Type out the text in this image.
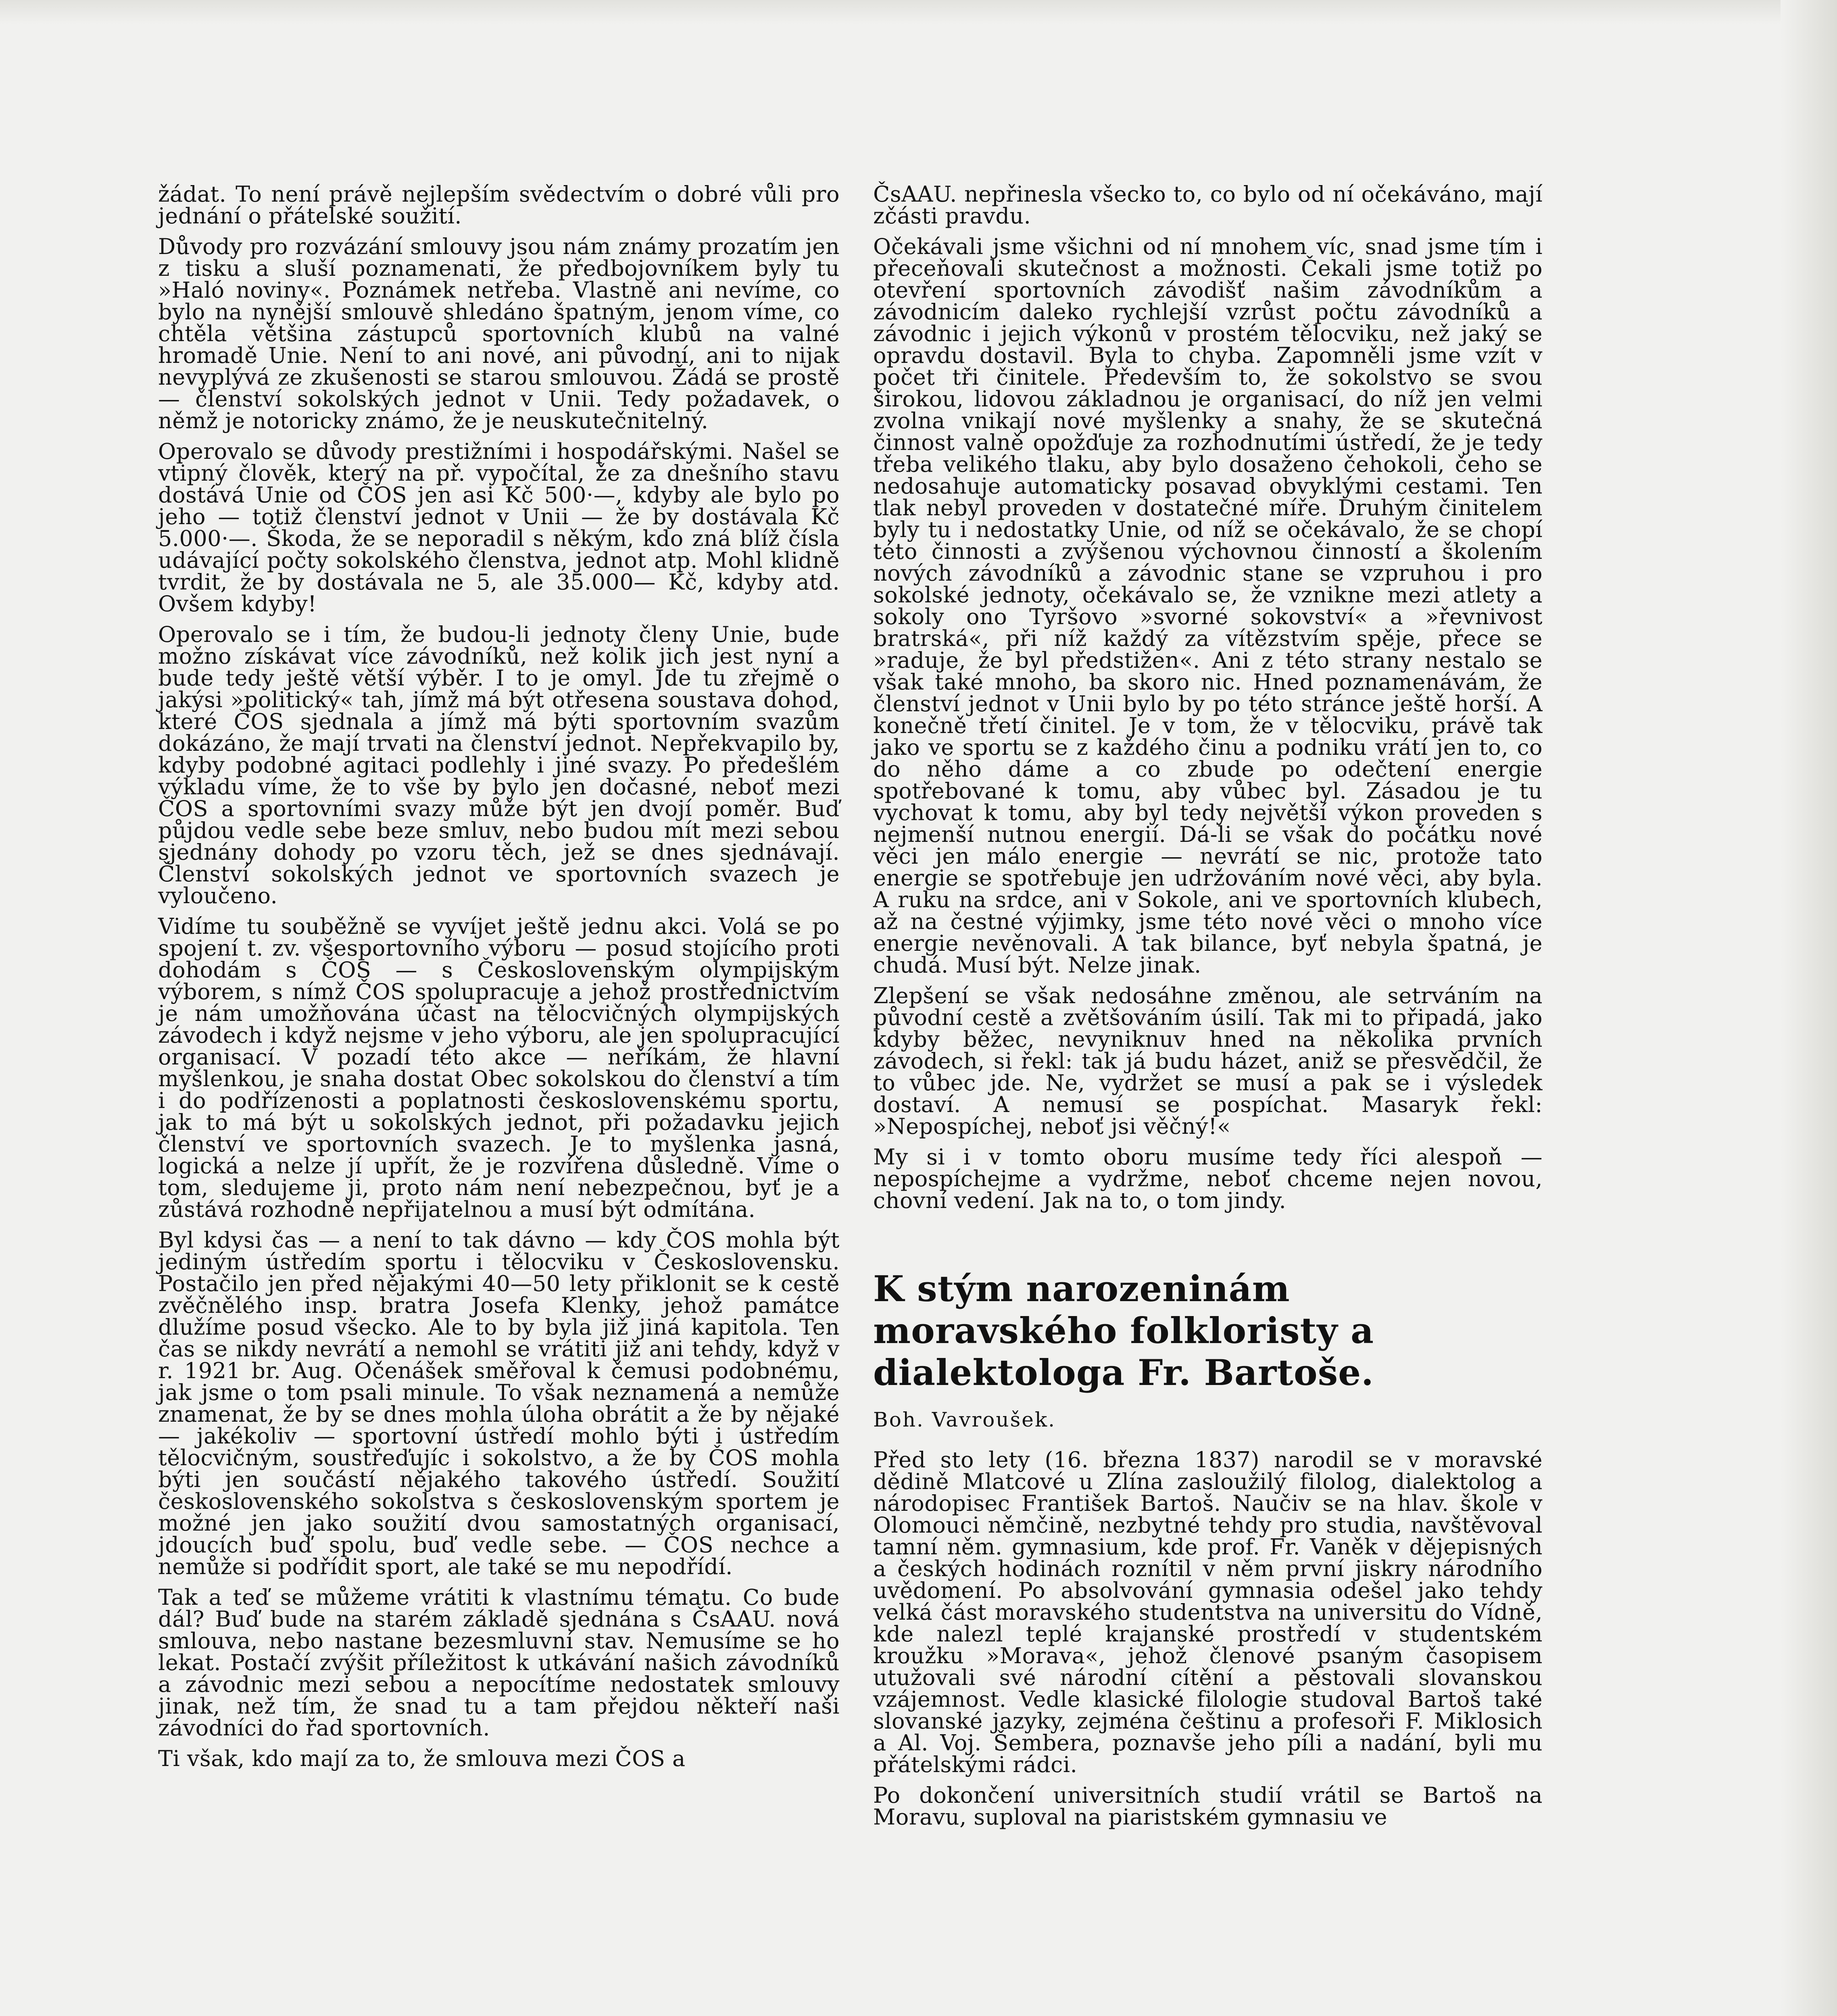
žádat. To není právě nejlepším svědectvím o dobré vůli pro jednání o přátelské soužití.

Důvody pro rozvázání smlouvy jsou nám známy prozatím jen z tisku a sluší poznamenati, že předbojovníkem byly tu »Haló noviny«. Poznámek netřeba. Vlastně ani nevíme, co bylo na nynější smlouvě shledáno špatným, jenom víme, co chtěla většina zástupců sportovních klubů na valné hromadě Unie. Není to ani nové, ani původní, ani to nijak nevyplývá ze zkušenosti se starou smlouvou. Žádá se prostě — členství sokolských jednot v Unii. Tedy požadavek, o němž je notoricky známo, že je neuskutečnitelný.

Operovalo se důvody prestižními i hospodářskými. Našel se vtipný člověk, který na př. vypočítal, že za dnešního stavu dostává Unie od ČOS jen asi Kč 500·—, kdyby ale bylo po jeho — totiž členství jednot v Unii — že by dostávala Kč 5.000·—. Škoda, že se neporadil s někým, kdo zná blíž čísla udávající počty sokolského členstva, jednot atp. Mohl klidně tvrdit, že by dostávala ne 5, ale 35.000— Kč, kdyby atd. Ovšem kdyby!

Operovalo se i tím, že budou-li jednoty členy Unie, bude možno získávat více závodníků, než kolik jich jest nyní a bude tedy ještě větší výběr. I to je omyl. Jde tu zřejmě o jakýsi »politický« tah, jímž má být otřesena soustava dohod, které ČOS sjednala a jímž má býti sportovním svazům dokázáno, že mají trvati na členství jednot. Nepřekvapilo by, kdyby podobné agitaci podlehly i jiné svazy. Po předešlém výkladu víme, že to vše by bylo jen dočasné, neboť mezi ČOS a sportovními svazy může být jen dvojí poměr. Buď půjdou vedle sebe beze smluv, nebo budou mít mezi sebou sjednány dohody po vzoru těch, jež se dnes sjednávají. Členství sokolských jednot ve sportovních svazech je vyloučeno.

Vidíme tu souběžně se vyvíjet ještě jednu akci. Volá se po spojení t. zv. všesportovního výboru — posud stojícího proti dohodám s ČOS — s Československým olympijským výborem, s nímž ČOS spolupracuje a jehož prostřednictvím je nám umožňována účast na tělocvičných olympijských závodech i když nejsme v jeho výboru, ale jen spolupracující organisací. V pozadí této akce — neříkám, že hlavní myšlenkou, je snaha dostat Obec sokolskou do členství a tím i do podřízenosti a poplatnosti československému sportu, jak to má být u sokolských jednot, při požadavku jejich členství ve sportovních svazech. Je to myšlenka jasná, logická a nelze jí upřít, že je rozvířena důsledně. Víme o tom, sledujeme ji, proto nám není nebezpečnou, byť je a zůstává rozhodně nepřijatelnou a musí být odmítána.

Byl kdysi čas — a není to tak dávno — kdy ČOS mohla být jediným ústředím sportu i tělocviku v Československu. Postačilo jen před nějakými 40—50 lety přiklonit se k cestě zvěčnělého insp. bratra Josefa Klenky, jehož památce dlužíme posud všecko. Ale to by byla již jiná kapitola. Ten čas se nikdy nevrátí a nemohl se vrátiti již ani tehdy, když v r. 1921 br. Aug. Očenášek směřoval k čemusi podobnému, jak jsme o tom psali minule. To však neznamená a nemůže znamenat, že by se dnes mohla úloha obrátit a že by nějaké — jakékoliv — sportovní ústředí mohlo býti i ústředím tělocvičným, soustřeďujíc i sokolstvo, a že by ČOS mohla býti jen součástí nějakého takového ústředí. Soužití československého sokolstva s československým sportem je možné jen jako soužití dvou samostatných organisací, jdoucích buď spolu, buď vedle sebe. — ČOS nechce a nemůže si podřídit sport, ale také se mu nepodřídí.

Tak a teď se můžeme vrátiti k vlastnímu tématu. Co bude dál? Buď bude na starém základě sjednána s ČsAAU. nová smlouva, nebo nastane bezesmluvní stav. Nemusíme se ho lekat. Postačí zvýšit příležitost k utkávání našich závodníků a závodnic mezi sebou a nepocítíme nedostatek smlouvy jinak, než tím, že snad tu a tam přejdou někteří naši závodníci do řad sportovních.

Ti však, kdo mají za to, že smlouva mezi ČOS a

ČsAAU. nepřinesla všecko to, co bylo od ní očekáváno, mají zčásti pravdu.

Očekávali jsme všichni od ní mnohem víc, snad jsme tím i přeceňovali skutečnost a možnosti. Čekali jsme totiž po otevření sportovních závodišť našim závodníkům a závodnicím daleko rychlejší vzrůst počtu závodníků a závodnic i jejich výkonů v prostém tělocviku, než jaký se opravdu dostavil. Byla to chyba. Zapomněli jsme vzít v počet tři činitele. Především to, že sokolstvo se svou širokou, lidovou základnou je organisací, do níž jen velmi zvolna vnikají nové myšlenky a snahy, že se skutečná činnost valně opožďuje za rozhodnutími ústředí, že je tedy třeba velikého tlaku, aby bylo dosaženo čehokoli, čeho se nedosahuje automaticky posavad obvyklými cestami. Ten tlak nebyl proveden v dostatečné míře. Druhým činitelem byly tu i nedostatky Unie, od níž se očekávalo, že se chopí této činnosti a zvýšenou výchovnou činností a školením nových závodníků a závodnic stane se vzpruhou i pro sokolské jednoty, očekávalo se, že vznikne mezi atlety a sokoly ono Tyršovo »svorné sokovství« a »řevnivost bratrská«, při níž každý za vítězstvím spěje, přece se »raduje, že byl předstižen«. Ani z této strany nestalo se však také mnoho, ba skoro nic. Hned poznamenávám, že členství jednot v Unii bylo by po této stránce ještě horší. A konečně třetí činitel. Je v tom, že v tělocviku, právě tak jako ve sportu se z každého činu a podniku vrátí jen to, co do něho dáme a co zbude po odečtení energie spotřebované k tomu, aby vůbec byl. Zásadou je tu vychovat k tomu, aby byl tedy největší výkon proveden s nejmenší nutnou energií. Dá-li se však do počátku nové věci jen málo energie — nevrátí se nic, protože tato energie se spotřebuje jen udržováním nové věci, aby byla. A ruku na srdce, ani v Sokole, ani ve sportovních klubech, až na čestné výjimky, jsme této nové věci o mnoho více energie nevěnovali. A tak bilance, byť nebyla špatná, je chudá. Musí být. Nelze jinak.

Zlepšení se však nedosáhne změnou, ale setrváním na původní cestě a zvětšováním úsilí. Tak mi to připadá, jako kdyby běžec, nevyniknuv hned na několika prvních závodech, si řekl: tak já budu házet, aniž se přesvědčil, že to vůbec jde. Ne, vydržet se musí a pak se i výsledek dostaví. A nemusí se pospíchat. Masaryk řekl: »Nepospíchej, neboť jsi věčný!«

My si i v tomto oboru musíme tedy říci alespoň — nepospíchejme a vydržme, neboť chceme nejen novou, chovní vedení. Jak na to, o tom jindy.

K stým narozeninám moravského folkloristy a dialektologa Fr. Bartoše.
Boh. Vavroušek.

Před sto lety (16. března 1837) narodil se v moravské dědině Mlatcové u Zlína zasloužilý filolog, dialektolog a národopisec František Bartoš. Naučiv se na hlav. škole v Olomouci němčině, nezbytné tehdy pro studia, navštěvoval tamní něm. gymnasium, kde prof. Fr. Vaněk v dějepisných a českých hodinách roznítil v něm první jiskry národního uvědomení. Po absolvování gymnasia odešel jako tehdy velká část moravského studentstva na universitu do Vídně, kde nalezl teplé krajanské prostředí v studentském kroužku »Morava«, jehož členové psaným časopisem utužovali své národní cítění a pěstovali slovanskou vzájemnost. Vedle klasické filologie studoval Bartoš také slovanské jazyky, zejména češtinu a profesoři F. Miklosich a Al. Voj. Šembera, poznavše jeho píli a nadání, byli mu přátelskými rádci.

Po dokončení universitních studií vrátil se Bartoš na Moravu, suploval na piaristském gymnasiu ve
